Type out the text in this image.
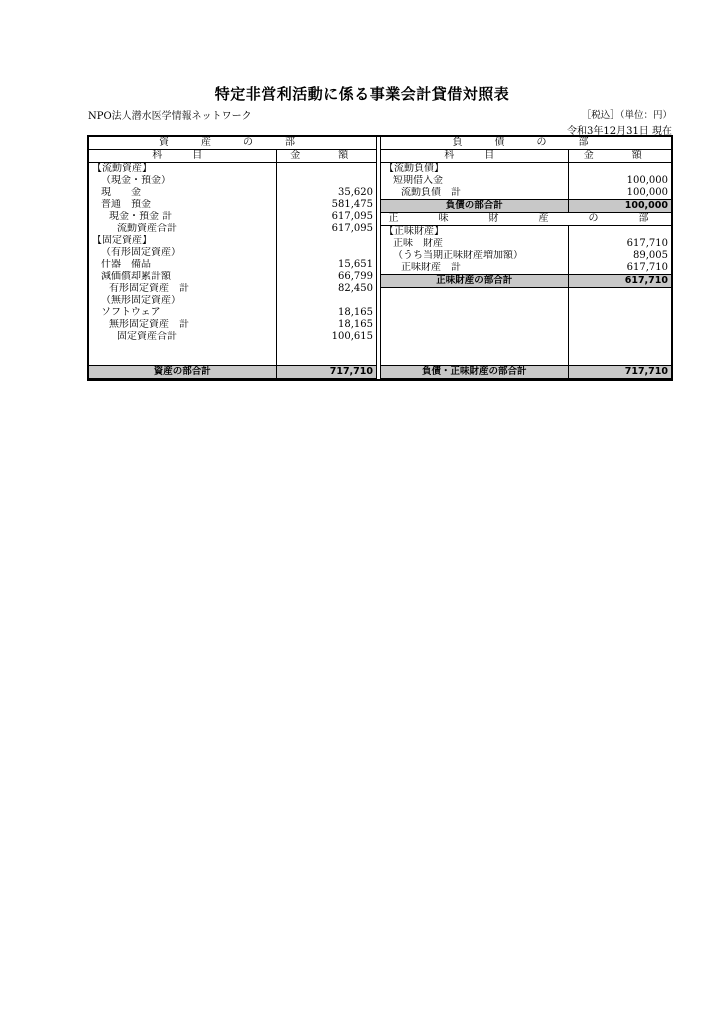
特定非営利活動に係る事業会計貸借対照表
NPO法人潜水医学情報ネットワーク	［税込］（単位：円）
令和3年12月31日 現在
資　産　の　部	
科　目	金　額
【流動資産】	
（現金・預金）	
現　　金	35,620
普通　預金	581,475
現金・預金 計	617,095
流動資産合計	617,095
【固定資産】	
（有形固定資産）	
什器　備品	15,651
減価償却累計額	66,799
有形固定資産　計	82,450
（無形固定資産）	
ソフトウェア	18,165
無形固定資産　計	18,165
固定資産合計	100,615

資産の部合計	717,710
負　債　の　部	
科　目	金　額
【流動負債】	
短期借入金	100,000
流動負債　計	100,000
負債の部合計	100,000
正　味　財　産　の　部	
【正味財産】	
正味　財産	617,710
（うち当期正味財産増加額）	89,005
正味財産　計	617,710
正味財産の部合計	617,710

負債・正味財産の部合計	717,710
